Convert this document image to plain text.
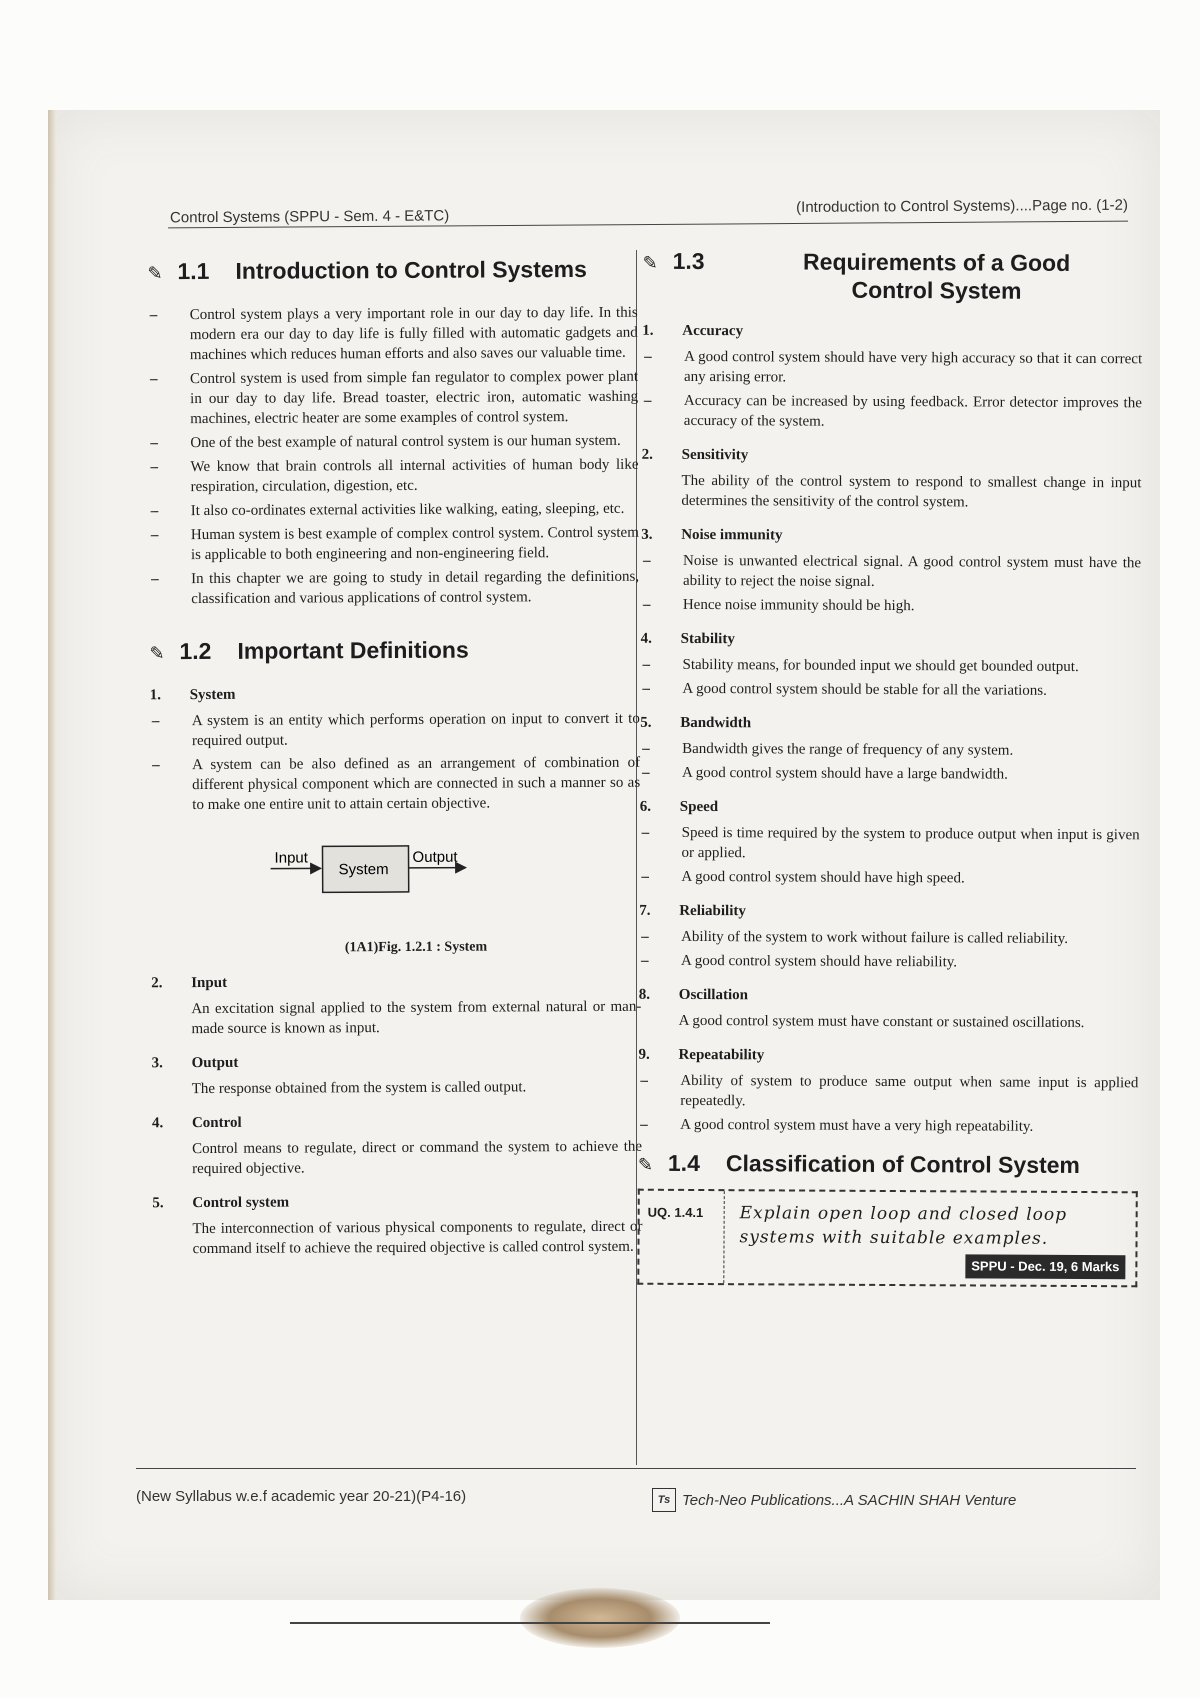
Control Systems (SPPU - Sem. 4 - E&TC)
(Introduction to Control Systems)....Page no. (1-2)
✎ 1.1	Introduction to Control Systems
–	Control system plays a very important role in our day to day life. In this modern era our day to day life is fully filled with automatic gadgets and machines which reduces human efforts and also saves our valuable time.
–	Control system is used from simple fan regulator to complex power plant in our day to day life. Bread toaster, electric iron, automatic washing machines, electric heater are some examples of control system.
–	One of the best example of natural control system is our human system.
–	We know that brain controls all internal activities of human body like respiration, circulation, digestion, etc.
–	It also co-ordinates external activities like walking, eating, sleeping, etc.
–	Human system is best example of complex control system. Control system is applicable to both engineering and non-engineering field.
–	In this chapter we are going to study in detail regarding the definitions, classification and various applications of control system.
✎ 1.2	Important Definitions
1.	System
–	A system is an entity which performs operation on input to convert it to required output.
–	A system can be also defined as an arrangement of combination of different physical component which are connected in such a manner so as to make one entire unit to attain certain objective.
Input
System
Output
(1A1)Fig. 1.2.1 : System
2.	Input

An excitation signal applied to the system from external natural or man-made source is known as input.

3.	Output

The response obtained from the system is called output.

4.	Control

Control means to regulate, direct or command the system to achieve the required objective.

5.	Control system

The interconnection of various physical components to regulate, direct or command itself to achieve the required objective is called control system.

✎ 1.3	Requirements of a Good
Control System
1.	Accuracy
–	A good control system should have very high accuracy so that it can correct any arising error.
–	Accuracy can be increased by using feedback. Error detector improves the accuracy of the system.
2.	Sensitivity

The ability of the control system to respond to smallest change in input determines the sensitivity of the control system.

3.	Noise immunity
–	Noise is unwanted electrical signal. A good control system must have the ability to reject the noise signal.
–	Hence noise immunity should be high.
4.	Stability
–	Stability means, for bounded input we should get bounded output.
–	A good control system should be stable for all the variations.
5.	Bandwidth
–	Bandwidth gives the range of frequency of any system.
–	A good control system should have a large bandwidth.
6.	Speed
–	Speed is time required by the system to produce output when input is given or applied.
–	A good control system should have high speed.
7.	Reliability
–	Ability of the system to work without failure is called reliability.
–	A good control system should have reliability.
8.	Oscillation

A good control system must have constant or sustained oscillations.

9.	Repeatability
–	Ability of system to produce same output when same input is applied repeatedly.
–	A good control system must have a very high repeatability.
✎ 1.4	Classification of Control System
UQ. 1.4.1 Explain open loop and closed loop systems with suitable examples.
SPPU - Dec. 19, 6 Marks
(New Syllabus w.e.f academic year 20-21)(P4-16)	Ts Tech-Neo Publications...A SACHIN SHAH Venture
